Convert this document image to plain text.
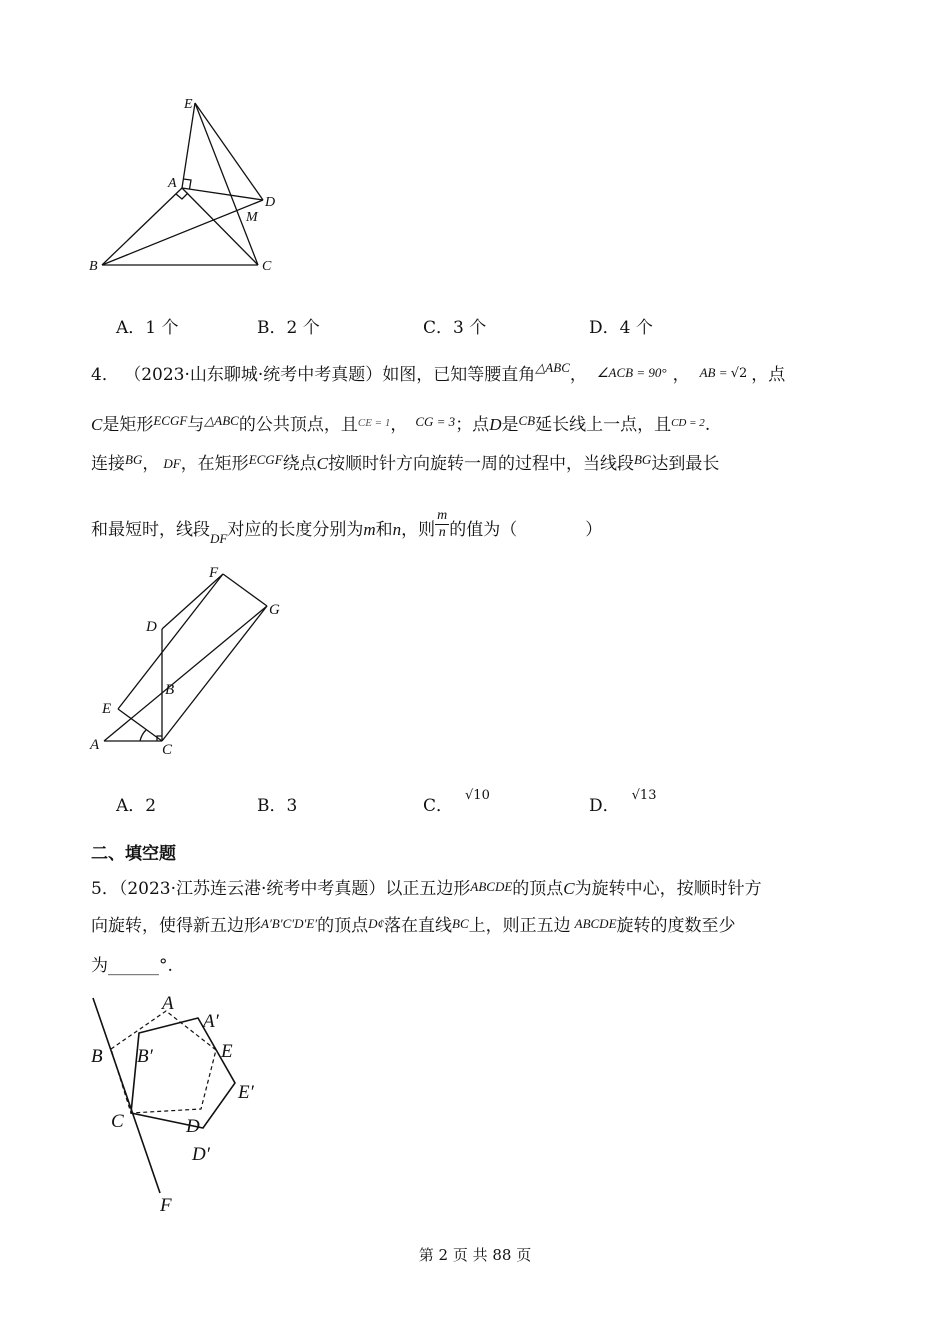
E
A
D
M
B	C
A．1 个	B．2 个	C．3 个	D．4 个
4． （2023·山东聊城·统考中考真题）如图，已知等腰直角$^{\triangle ABC}$， ∠ACB = 90° ， AB = √2 ，点
C是矩形$^{ECGF}$与$^{\triangle ABC}$的公共顶点，且$^{CE = 1}$， $^{CG = 3}$；点D是$^{CB}$延长线上一点，且$^{CD = 2}$.
连接$^{BG}$， DF，在矩形$^{ECGF}$绕点C按顺时针方向旋转一周的过程中，当线段$^{BG}$达到最长
和最短时，线段$_{DF}$对应的长度分别为m和n，则 $\frac{m}{n}$ 的值为（　　　　）
F
D
G
B
E
A	C
A．2	B．3	C．$^{√10}$
D．$^{√13}$
二、填空题
5．（2023·江苏连云港·统考中考真题）以正五边形ABCDE的顶点C为旋转中心，按顺时针方
向旋转，使得新五边形A′B′C′D′E′的顶点D¢落在直线BC上，则正五边 ABCDE旋转的度数至少
为______°.
A
A′
B B′	E
E′
C	D
D′
F
第 2 页 共 88 页
